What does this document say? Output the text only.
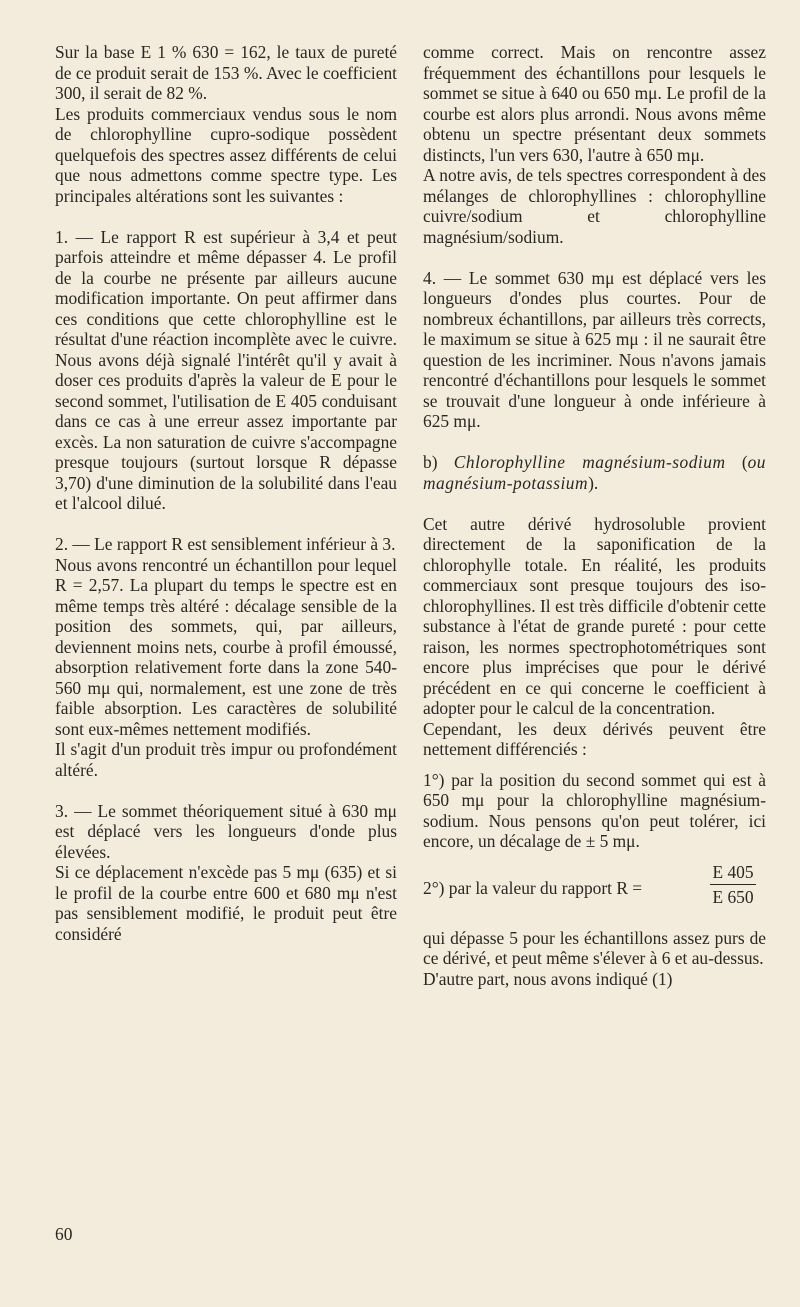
Sur la base E 1 % 630 = 162, le taux de pureté de ce produit serait de 153 %. Avec le coefficient 300, il serait de 82 %.

Les produits commerciaux vendus sous le nom de chlorophylline cupro-sodique possèdent quelquefois des spectres assez différents de celui que nous admettons comme spectre type. Les principales altérations sont les suivantes :

1. — Le rapport R est supérieur à 3,4 et peut parfois atteindre et même dépasser 4. Le profil de la courbe ne présente par ailleurs aucune modification importante. On peut affirmer dans ces conditions que cette chlorophylline est le résultat d'une réaction incomplète avec le cuivre. Nous avons déjà signalé l'intérêt qu'il y avait à doser ces produits d'après la valeur de E pour le second sommet, l'utilisation de E 405 conduisant dans ce cas à une erreur assez importante par excès. La non saturation de cuivre s'accompagne presque toujours (surtout lorsque R dépasse 3,70) d'une diminution de la solubilité dans l'eau et l'alcool dilué.

2. — Le rapport R est sensiblement inférieur à 3.

Nous avons rencontré un échantillon pour lequel R = 2,57. La plupart du temps le spectre est en même temps très altéré : décalage sensible de la position des sommets, qui, par ailleurs, deviennent moins nets, courbe à profil émoussé, absorption relativement forte dans la zone 540-560 mμ qui, normalement, est une zone de très faible absorption. Les caractères de solubilité sont eux-mêmes nettement modifiés.

Il s'agit d'un produit très impur ou profondément altéré.

3. — Le sommet théoriquement situé à 630 mμ est déplacé vers les longueurs d'onde plus élevées.

Si ce déplacement n'excède pas 5 mμ (635) et si le profil de la courbe entre 600 et 680 mμ n'est pas sensiblement modifié, le produit peut être considéré

comme correct. Mais on rencontre assez fréquemment des échantillons pour lesquels le sommet se situe à 640 ou 650 mμ. Le profil de la courbe est alors plus arrondi. Nous avons même obtenu un spectre présentant deux sommets distincts, l'un vers 630, l'autre à 650 mμ.

A notre avis, de tels spectres correspondent à des mélanges de chlorophyllines : chlorophylline cuivre/sodium et chlorophylline magnésium/sodium.

4. — Le sommet 630 mμ est déplacé vers les longueurs d'ondes plus courtes. Pour de nombreux échantillons, par ailleurs très corrects, le maximum se situe à 625 mμ : il ne saurait être question de les incriminer. Nous n'avons jamais rencontré d'échantillons pour lesquels le sommet se trouvait d'une longueur à onde inférieure à 625 mμ.

b) Chlorophylline magnésium-sodium (ou magnésium-potassium).

Cet autre dérivé hydrosoluble provient directement de la saponification de la chlorophylle totale. En réalité, les produits commerciaux sont presque toujours des iso-chlorophyllines. Il est très difficile d'obtenir cette substance à l'état de grande pureté : pour cette raison, les normes spectrophotométriques sont encore plus imprécises que pour le dérivé précédent en ce qui concerne le coefficient à adopter pour le calcul de la concentration.

Cependant, les deux dérivés peuvent être nettement différenciés :

1°) par la position du second sommet qui est à 650 mμ pour la chlorophylline magnésium-sodium. Nous pensons qu'on peut tolérer, ici encore, un décalage de ± 5 mμ.

2°) par la valeur du rapport R =
E 405
E 650

qui dépasse 5 pour les échantillons assez purs de ce dérivé, et peut même s'élever à 6 et au-dessus.

D'autre part, nous avons indiqué (1)

60
